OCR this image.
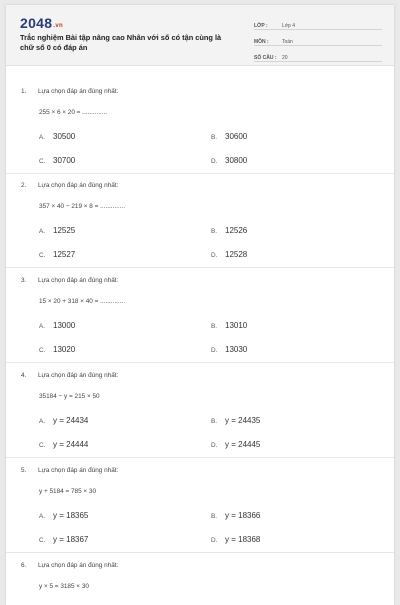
2048.vn
Trắc nghiệm Bài tập nâng cao Nhân với số có tận cùng là chữ số 0 có đáp án
LỚP :	Lớp 4
MÔN :	Toán
SỐ CÂU :	20
1. Lựa chọn đáp án đúng nhất:
255 × 6 × 20 = ..............
A. 30500	B. 30600
C. 30700	D. 30800
2. Lựa chọn đáp án đúng nhất:
357 × 40 − 219 × 8 = ..............
A. 12525	B. 12526
C. 12527	D. 12528
3. Lựa chọn đáp án đúng nhất:
15 × 20 + 318 × 40 = ..............
A. 13000	B. 13010
C. 13020	D. 13030
4. Lựa chọn đáp án đúng nhất:
35184 − y = 215 × 50
A. y = 24434	B. y = 24435
C. y = 24444	D. y = 24445
5. Lựa chọn đáp án đúng nhất:
y + 5184 = 785 × 30
A. y = 18365	B. y = 18366
C. y = 18367	D. y = 18368
6. Lựa chọn đáp án đúng nhất:
y × 5 = 3185 × 30
